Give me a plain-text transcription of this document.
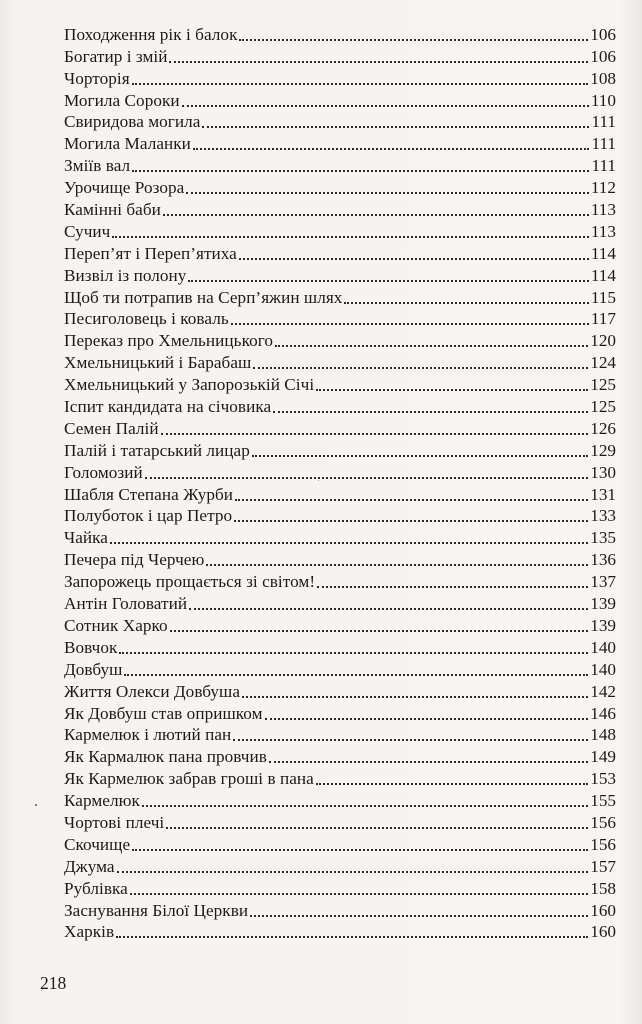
Походження рік і балок	106
Богатир і змій	106
Чорторія	108
Могила Сороки	110
Свиридова могила	111
Могила Маланки	111
Зміїв вал	111
Урочище Розора	112
Камінні баби	113
Сучич	113
Переп’ят і Переп’ятиха	114
Визвіл із полону	114
Щоб ти потрапив на Серп’яжин шлях	115
Песиголовець і коваль	117
Переказ про Хмельницького	120
Хмельницький і Барабаш	124
Хмельницький у Запорозькій Січі	125
Іспит кандидата на січовика	125
Семен Палій	126
Палій і татарський лицар	129
Голомозий	130
Шабля Степана Журби	131
Полуботок і цар Петро	133
Чайка	135
Печера під Черчею	136
Запорожець прощається зі світом!	137
Антін Головатий	139
Сотник Харко	139
Вовчок	140
Довбуш	140
Життя Олекси Довбуша	142
Як Довбуш став опришком	146
Кармелюк і лютий пан	148
Як Кармалюк пана провчив	149
Як Кармелюк забрав гроші в пана	153
Кармелюк	155
Чортові плечі	156
Скочище	156
Джума	157
Рублівка	158
Заснування Білої Церкви	160
Харків	160
218
